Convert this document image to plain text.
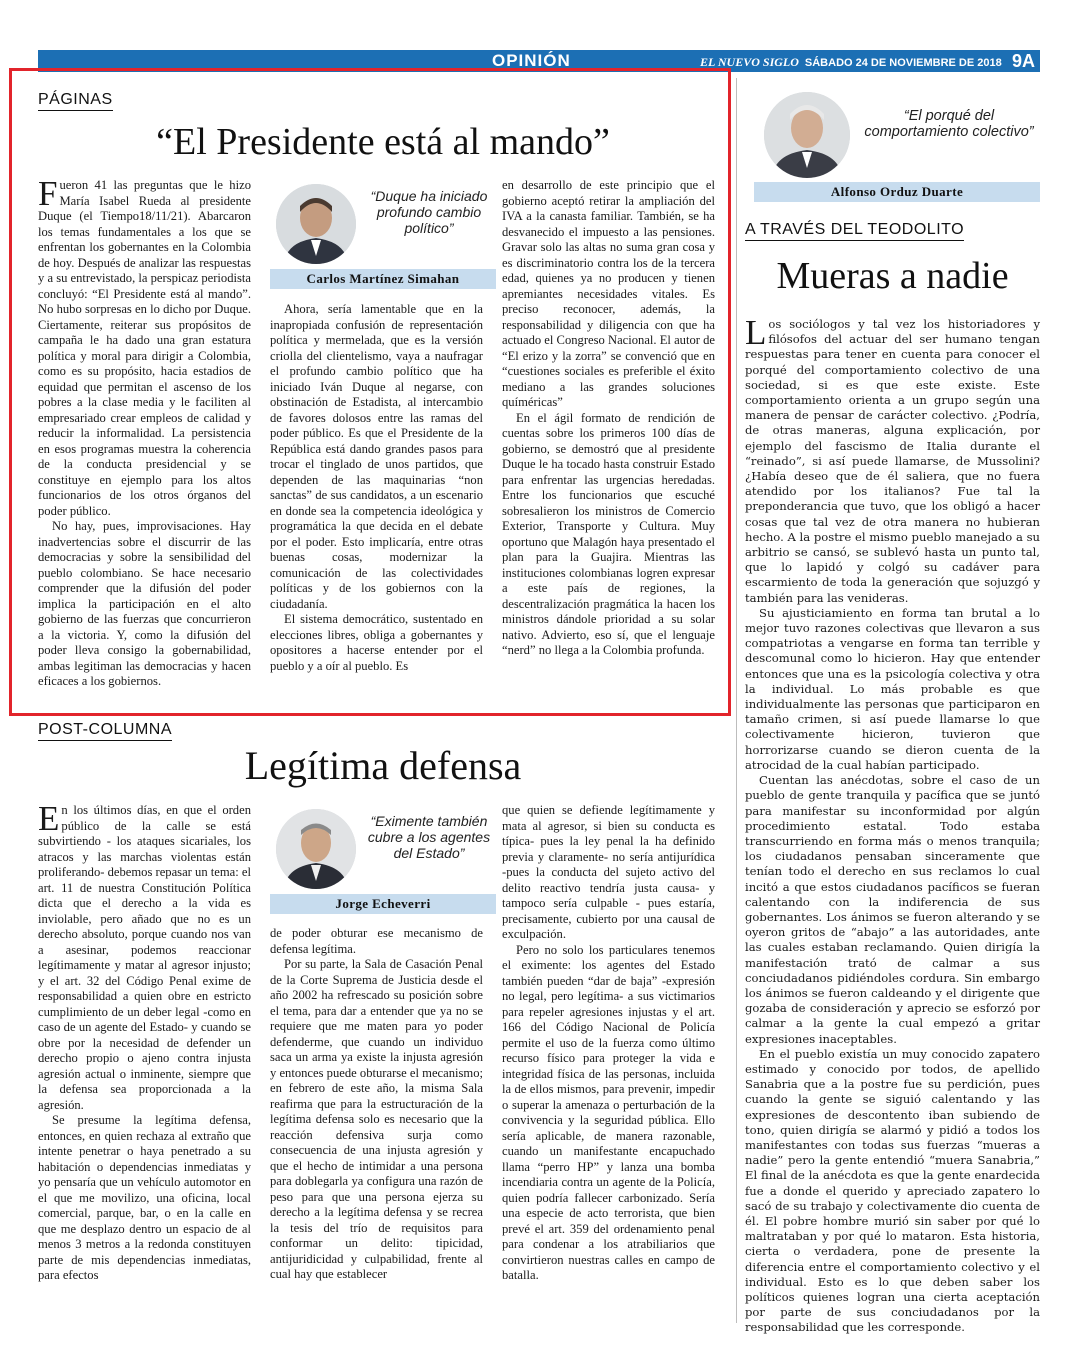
OPINIÓN	EL NUEVO SIGLO SÁBADO 24 DE NOVIEMBRE DE 2018 9A
PÁGINAS
“El Presidente está al mando”

Fueron 41 las preguntas que le hizo María Isabel Rueda al presidente Duque (el Tiempo18/11/21). Abarcaron los temas fundamentales a los que se enfrentan los gobernantes en la Colombia de hoy. Después de analizar las respuestas y a su entrevistado, la perspicaz periodista concluyó: “El Presidente está al mando”. No hubo sorpresas en lo dicho por Duque. Ciertamente, reiterar sus propósitos de campaña le ha dado una gran estatura política y moral para dirigir a Colombia, como es su propósito, hacia estadios de equidad que permitan el ascenso de los pobres a la clase media y le faciliten al empresariado crear empleos de calidad y reducir la informalidad. La persistencia en esos programas muestra la coherencia de la conducta presidencial y se constituye en ejemplo para los altos funcionarios de los otros órganos del poder público.

No hay, pues, improvisaciones. Hay inadvertencias sobre el discurrir de las democracias y sobre la sensibilidad del pueblo colombiano. Se hace necesario comprender que la difusión del poder implica la participación en el alto gobierno de las fuerzas que concurrieron a la victoria. Y, como la difusión del poder lleva consigo la gobernabilidad, ambas legitiman las democracias y hacen eficaces a los gobiernos.

“Duque ha iniciado profundo cambio político”
Carlos Martínez Simahan

Ahora, sería lamentable que en la inapropiada confusión de representación política y mermelada, que es la versión criolla del clientelismo, vaya a naufragar el profundo cambio político que ha iniciado Iván Duque al negarse, con obstinación de Estadista, al intercambio de favores dolosos entre las ramas del poder público. Es que el Presidente de la República está dando grandes pasos para trocar el tinglado de unos partidos, que dependen de las maquinarias “non sanctas” de sus candidatos, a un escenario en donde sea la competencia ideológica y programática la que decida en el debate por el poder. Esto implicaría, entre otras buenas cosas, modernizar la comunicación de las colectividades políticas y de los gobiernos con la ciudadanía.

El sistema democrático, sustentado en elecciones libres, obliga a gobernantes y opositores a hacerse entender por el pueblo y a oír al pueblo. Es

en desarrollo de este principio que el gobierno aceptó retirar la ampliación del IVA a la canasta familiar. También, se ha desvanecido el impuesto a las pensiones. Gravar solo las altas no suma gran cosa y es discriminatorio contra los de la tercera edad, quienes ya no producen y tienen apremiantes necesidades vitales. Es preciso reconocer, además, la responsabilidad y diligencia con que ha actuado el Congreso Nacional. El autor de “El erizo y la zorra” se convenció que en “cuestiones sociales es preferible el éxito mediano a las grandes soluciones químéricas”

En el ágil formato de rendición de cuentas sobre los primeros 100 días de gobierno, se demostró que al presidente Duque le ha tocado hasta construir Estado para enfrentar las urgencias heredadas. Entre los funcionarios que escuché sobresalieron los ministros de Comercio Exterior, Transporte y Cultura. Muy oportuno que Malagón haya presentado el plan para la Guajira. Mientras las instituciones colombianas logren expresar a este país de regiones, la descentralización pragmática la hacen los ministros dándole prioridad a su solar nativo. Advierto, eso sí, que el lenguaje “nerd” no llega a la Colombia profunda.

POST-COLUMNA
Legítima defensa

En los últimos días, en que el orden público de la calle se está subvirtiendo - los ataques sicariales, los atracos y las marchas violentas están proliferando- debemos repasar un tema: el art. 11 de nuestra Constitución Política dicta que el derecho a la vida es inviolable, pero añado que no es un derecho absoluto, porque cuando nos van a asesinar, podemos reaccionar legítimamente y matar al agresor injusto; y el art. 32 del Código Penal exime de responsabilidad a quien obre en estricto cumplimiento de un deber legal -como en caso de un agente del Estado- y cuando se obre por la necesidad de defender un derecho propio o ajeno contra injusta agresión actual o inminente, siempre que la defensa sea proporcionada a la agresión.

Se presume la legítima defensa, entonces, en quien rechaza al extraño que intente penetrar o haya penetrado a su habitación o dependencias inmediatas y yo pensaría que un vehículo automotor en el que me movilizo, una oficina, local comercial, parque, bar, o en la calle en que me desplazo dentro un espacio de al menos 3 metros a la redonda constituyen parte de mis dependencias inmediatas, para efectos

“Eximente también cubre a los agentes del Estado”
Jorge Echeverri

de poder obturar ese mecanismo de defensa legítima.

Por su parte, la Sala de Casación Penal de la Corte Suprema de Justicia desde el año 2002 ha refrescado su posición sobre el tema, para dar a entender que ya no se requiere que me maten para yo poder defenderme, que cuando un individuo saca un arma ya existe la injusta agresión y entonces puede obturarse el mecanismo; en febrero de este año, la misma Sala reafirma que para la estructuración de la legítima defensa solo es necesario que la reacción defensiva surja como consecuencia de una injusta agresión y que el hecho de intimidar a una persona para doblegarla ya configura una razón de peso para que una persona ejerza su derecho a la legítima defensa y se recrea la tesis del trío de requisitos para conformar un delito: tipicidad, antijuridicidad y culpabilidad, frente al cual hay que establecer

que quien se defiende legítimamente y mata al agresor, si bien su conducta es típica- pues la ley penal la ha definido previa y claramente- no sería antijurídica -pues la conducta del sujeto activo del delito reactivo tendría justa causa- y tampoco sería culpable - pues estaría, precisamente, cubierto por una causal de exculpación.

Pero no solo los particulares tenemos el eximente: los agentes del Estado también pueden “dar de baja” -expresión no legal, pero legítima- a sus victimarios para repeler agresiones injustas y el art. 166 del Código Nacional de Policía permite el uso de la fuerza como último recurso físico para proteger la vida e integridad física de las personas, incluida la de ellos mismos, para prevenir, impedir o superar la amenaza o perturbación de la convivencia y la seguridad pública. Ello sería aplicable, de manera razonable, cuando un manifestante encapuchado llama “perro HP” y lanza una bomba incendiaria contra un agente de la Policía, quien podría fallecer carbonizado. Sería una especie de acto terrorista, que bien prevé el art. 359 del ordenamiento penal para condenar a los atrabiliarios que convirtieron nuestras calles en campo de batalla.

“El porqué del comportamiento colectivo”
Alfonso Orduz Duarte
A TRAVÉS DEL TEODOLITO
Mueras a nadie

Los sociólogos y tal vez los historiadores y filósofos del actuar del ser humano tengan respuestas para tener en cuenta para conocer el porqué del comportamiento colectivo de una sociedad, si es que este existe. Este comportamiento orienta a un grupo según una manera de pensar de carácter colectivo. ¿Podría, de otras maneras, alguna explicación, por ejemplo del fascismo de Italia durante el “reinado”, si así puede llamarse, de Mussolini? ¿Había deseo que de él saliera, que no fuera atendido por los italianos? Fue tal la preponderancia que tuvo, que los obligó a hacer cosas que tal vez de otra manera no hubieran hecho. A la postre el mismo pueblo manejado a su arbitrio se cansó, se sublevó hasta un punto tal, que lo lapidó y colgó su cadáver para escarmiento de toda la generación que sojuzgó y también para las venideras.

Su ajusticiamiento en forma tan brutal a lo mejor tuvo razones colectivas que llevaron a sus compatriotas a vengarse en forma tan terrible y descomunal como lo hicieron. Hay que entender entonces que una es la psicología colectiva y otra la individual. Lo más probable es que individualmente las personas que participaron en tamaño crimen, si así puede llamarse lo que colectivamente hicieron, tuvieron que horrorizarse cuando se dieron cuenta de la atrocidad de la cual habían participado.

Cuentan las anécdotas, sobre el caso de un pueblo de gente tranquila y pacífica que se juntó para manifestar su inconformidad por algún procedimiento estatal. Todo estaba transcurriendo en forma más o menos tranquila; los ciudadanos pensaban sinceramente que tenían todo el derecho en sus reclamos lo cual incitó a que estos ciudadanos pacíficos se fueran calentando con la indiferencia de sus gobernantes. Los ánimos se fueron alterando y se oyeron gritos de “abajo” a las autoridades, ante las cuales estaban reclamando. Quien dirigía la manifestación trató de calmar a sus conciudadanos pidiéndoles cordura. Sin embargo los ánimos se fueron caldeando y el dirigente que gozaba de consideración y aprecio se esforzó por calmar a la gente la cual empezó a gritar expresiones inaceptables.

En el pueblo existía un muy conocido zapatero estimado y conocido por todos, de apellido Sanabria que a la postre fue su perdición, pues cuando la gente se siguió calentando y las expresiones de descontento iban subiendo de tono, quien dirigía se alarmó y pidió a todos los manifestantes con todas sus fuerzas “mueras a nadie” pero la gente entendió “muera Sanabria,” El final de la anécdota es que la gente enardecida fue a donde el querido y apreciado zapatero lo sacó de su trabajo y colectivamente dio cuenta de él. El pobre hombre murió sin saber por qué lo maltrataban y por qué lo mataron. Esta historia, cierta o verdadera, pone de presente la diferencia entre el comportamiento colectivo y el individual. Esto es lo que deben saber los políticos quienes logran una cierta aceptación por parte de sus conciudadanos por la responsabilidad que les corresponde.
